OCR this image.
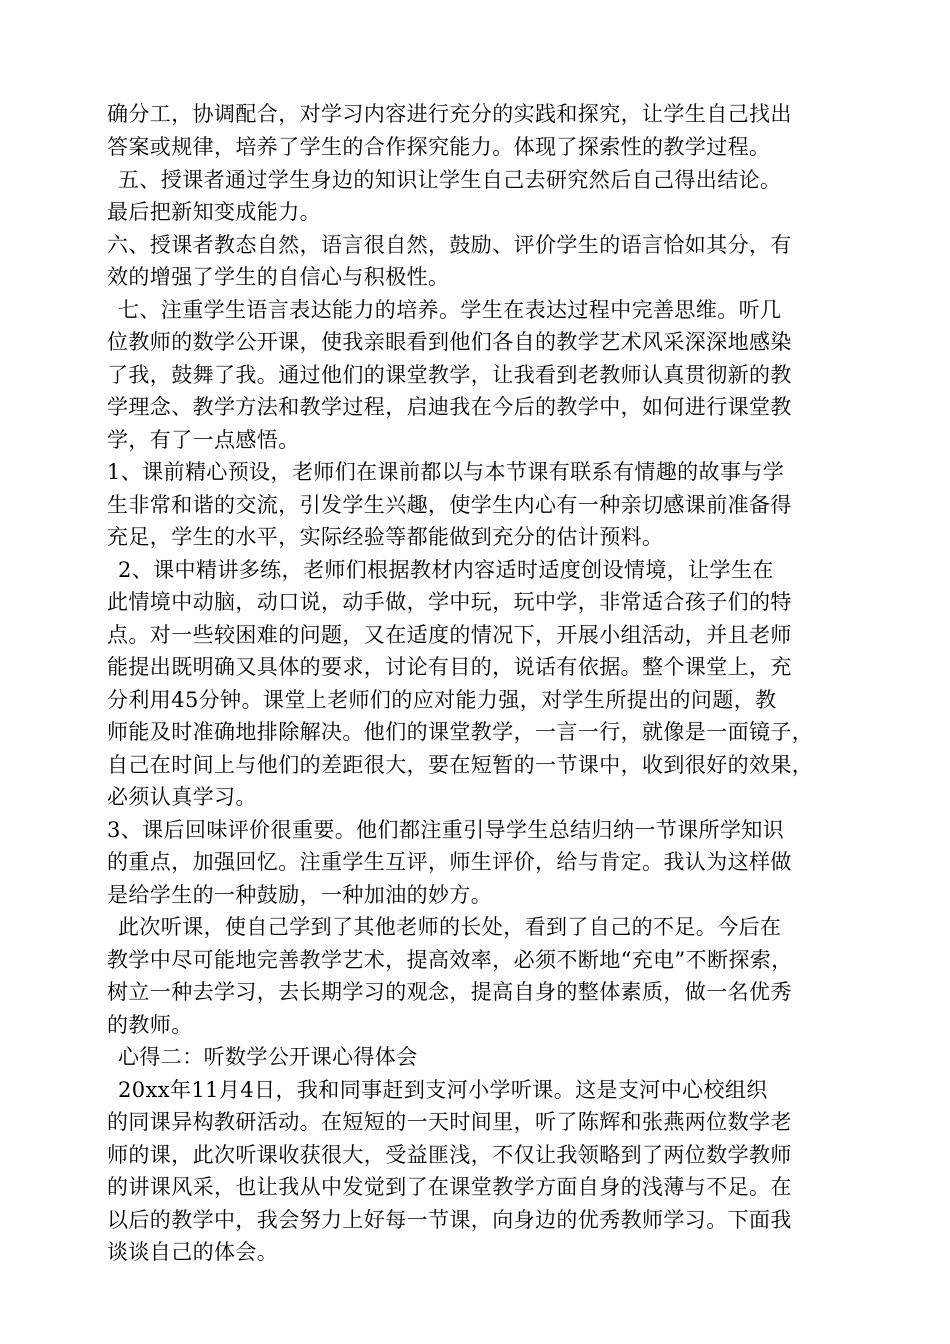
确分工，协调配合，对学习内容进行充分的实践和探究，让学生自己找出
答案或规律，培养了学生的合作探究能力。体现了探索性的教学过程。
五、授课者通过学生身边的知识让学生自己去研究然后自己得出结论。
最后把新知变成能力。
六、授课者教态自然，语言很自然，鼓励、评价学生的语言恰如其分，有
效的增强了学生的自信心与积极性。
七、注重学生语言表达能力的培养。学生在表达过程中完善思维。听几
位教师的数学公开课，使我亲眼看到他们各自的教学艺术风采深深地感染
了我，鼓舞了我。通过他们的课堂教学，让我看到老教师认真贯彻新的教
学理念、教学方法和教学过程，启迪我在今后的教学中，如何进行课堂教
学，有了一点感悟。
1、课前精心预设，老师们在课前都以与本节课有联系有情趣的故事与学
生非常和谐的交流，引发学生兴趣，使学生内心有一种亲切感课前准备得
充足，学生的水平，实际经验等都能做到充分的估计预料。
2、课中精讲多练，老师们根据教材内容适时适度创设情境，让学生在
此情境中动脑，动口说，动手做，学中玩，玩中学，非常适合孩子们的特
点。对一些较困难的问题，又在适度的情况下，开展小组活动，并且老师
能提出既明确又具体的要求，讨论有目的，说话有依据。整个课堂上，充
分利用45分钟。课堂上老师们的应对能力强，对学生所提出的问题，教
师能及时准确地排除解决。他们的课堂教学，一言一行，就像是一面镜子，
自己在时间上与他们的差距很大，要在短暂的一节课中，收到很好的效果，
必须认真学习。
3、课后回味评价很重要。他们都注重引导学生总结归纳一节课所学知识
的重点，加强回忆。注重学生互评，师生评价，给与肯定。我认为这样做
是给学生的一种鼓励，一种加油的妙方。
此次听课，使自己学到了其他老师的长处，看到了自己的不足。今后在
教学中尽可能地完善教学艺术，提高效率，必须不断地“充电”不断探索，
树立一种去学习，去长期学习的观念，提高自身的整体素质，做一名优秀
的教师。
心得二：听数学公开课心得体会
20xx年11月4日，我和同事赶到支河小学听课。这是支河中心校组织
的同课异构教研活动。在短短的一天时间里，听了陈辉和张燕两位数学老
师的课，此次听课收获很大，受益匪浅，不仅让我领略到了两位数学教师
的讲课风采，也让我从中发觉到了在课堂教学方面自身的浅薄与不足。在
以后的教学中，我会努力上好每一节课，向身边的优秀教师学习。下面我
谈谈自己的体会。
